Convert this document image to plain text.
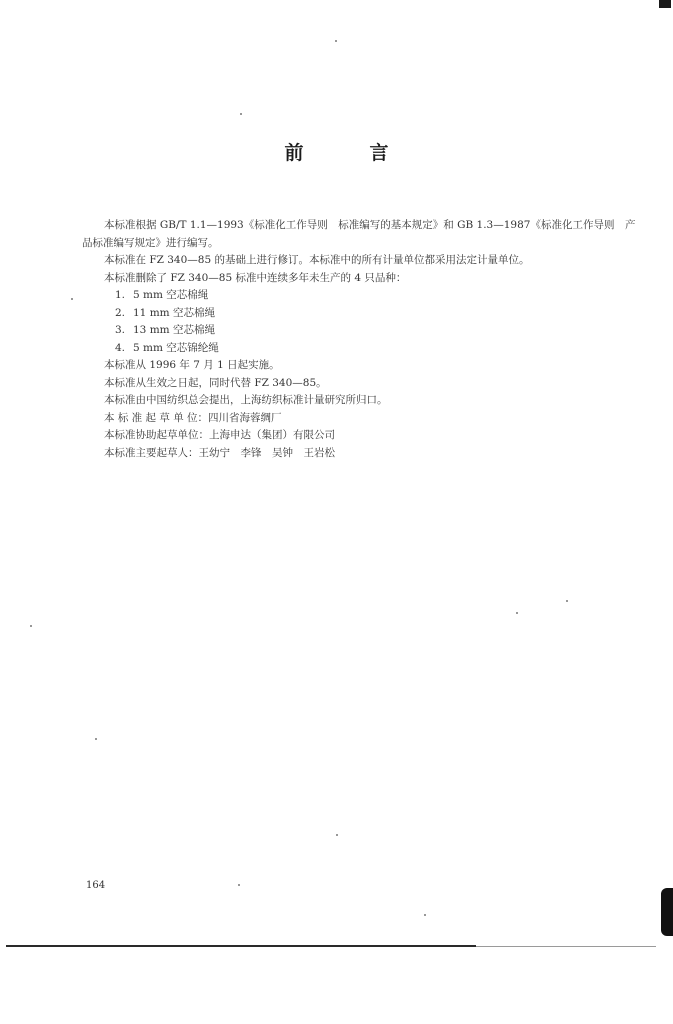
前	言

本标准根据 GB/T 1.1—1993《标准化工作导则　标准编写的基本规定》和 GB 1.3—1987《标准化工作导则　产品标准编写规定》进行编写。

本标准在 FZ 340—85 的基础上进行修订。本标准中的所有计量单位都采用法定计量单位。

本标准删除了 FZ 340—85 标准中连续多年未生产的 4 只品种：

1. 5 mm 空芯棉绳

2. 11 mm 空芯棉绳

3. 13 mm 空芯棉绳

4. 5 mm 空芯锦纶绳

本标准从 1996 年 7 月 1 日起实施。

本标准从生效之日起，同时代替 FZ 340—85。

本标准由中国纺织总会提出，上海纺织标准计量研究所归口。

本 标 准 起 草 单 位：四川省海蓉绸厂

本标准协助起草单位：上海申达（集团）有限公司

本标准主要起草人：王幼宁　李锋　吴钟　王岩松

164
